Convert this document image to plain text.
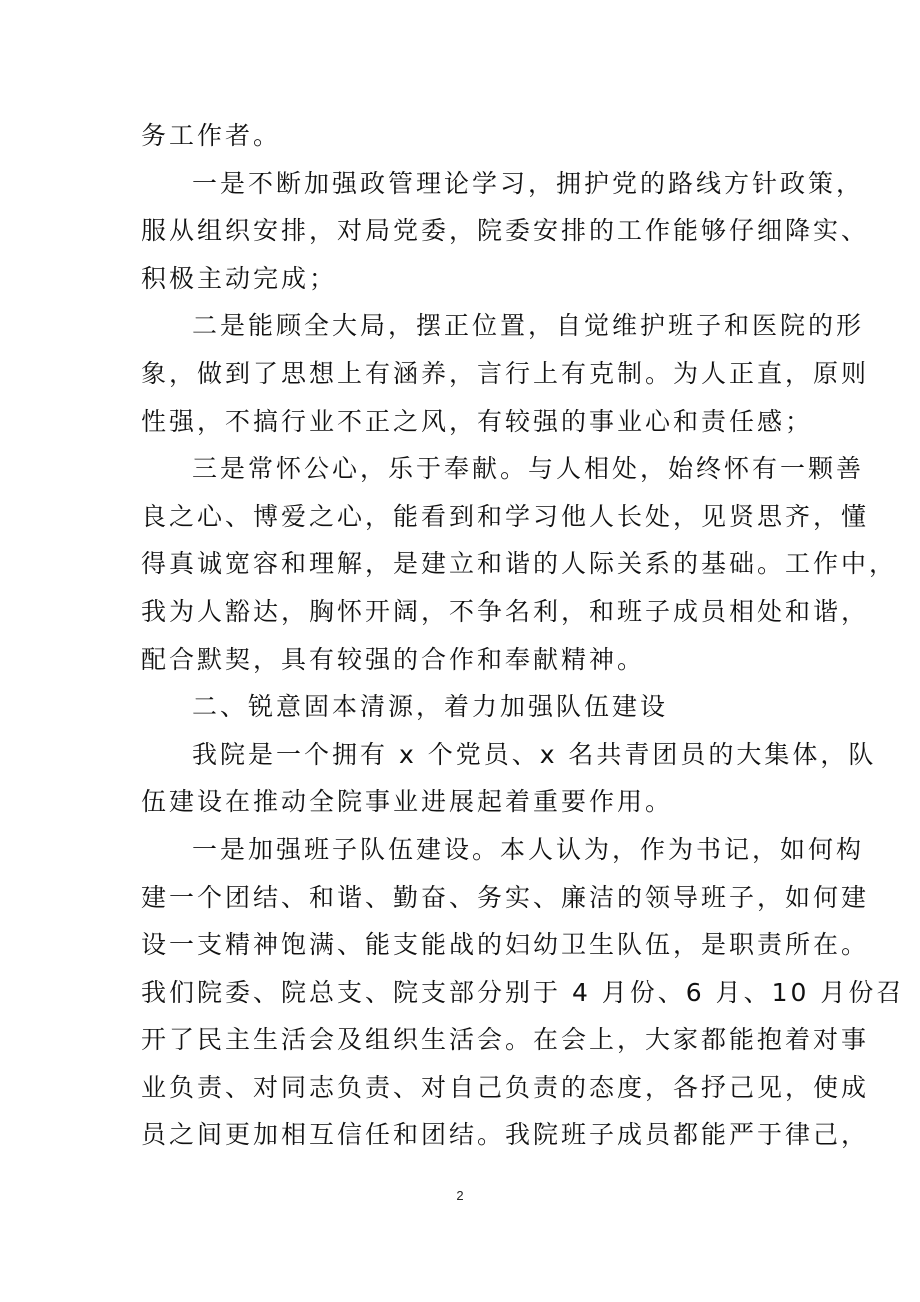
务工作者。
一是不断加强政管理论学习，拥护党的路线方针政策，
服从组织安排，对局党委，院委安排的工作能够仔细降实、
积极主动完成；
二是能顾全大局，摆正位置，自觉维护班子和医院的形
象，做到了思想上有涵养，言行上有克制。为人正直，原则
性强，不搞行业不正之风，有较强的事业心和责任感；
三是常怀公心，乐于奉献。与人相处，始终怀有一颗善
良之心、博爱之心，能看到和学习他人长处，见贤思齐，懂
得真诚宽容和理解，是建立和谐的人际关系的基础。工作中，
我为人豁达，胸怀开阔，不争名利，和班子成员相处和谐，
配合默契，具有较强的合作和奉献精神。
二、锐意固本清源，着力加强队伍建设
我院是一个拥有 x 个党员、x 名共青团员的大集体，队
伍建设在推动全院事业进展起着重要作用。
一是加强班子队伍建设。本人认为，作为书记，如何构
建一个团结、和谐、勤奋、务实、廉洁的领导班子，如何建
设一支精神饱满、能支能战的妇幼卫生队伍，是职责所在。
我们院委、院总支、院支部分别于 4 月份、6 月、10 月份召
开了民主生活会及组织生活会。在会上，大家都能抱着对事
业负责、对同志负责、对自己负责的态度，各抒己见，使成
员之间更加相互信任和团结。我院班子成员都能严于律己，
2
